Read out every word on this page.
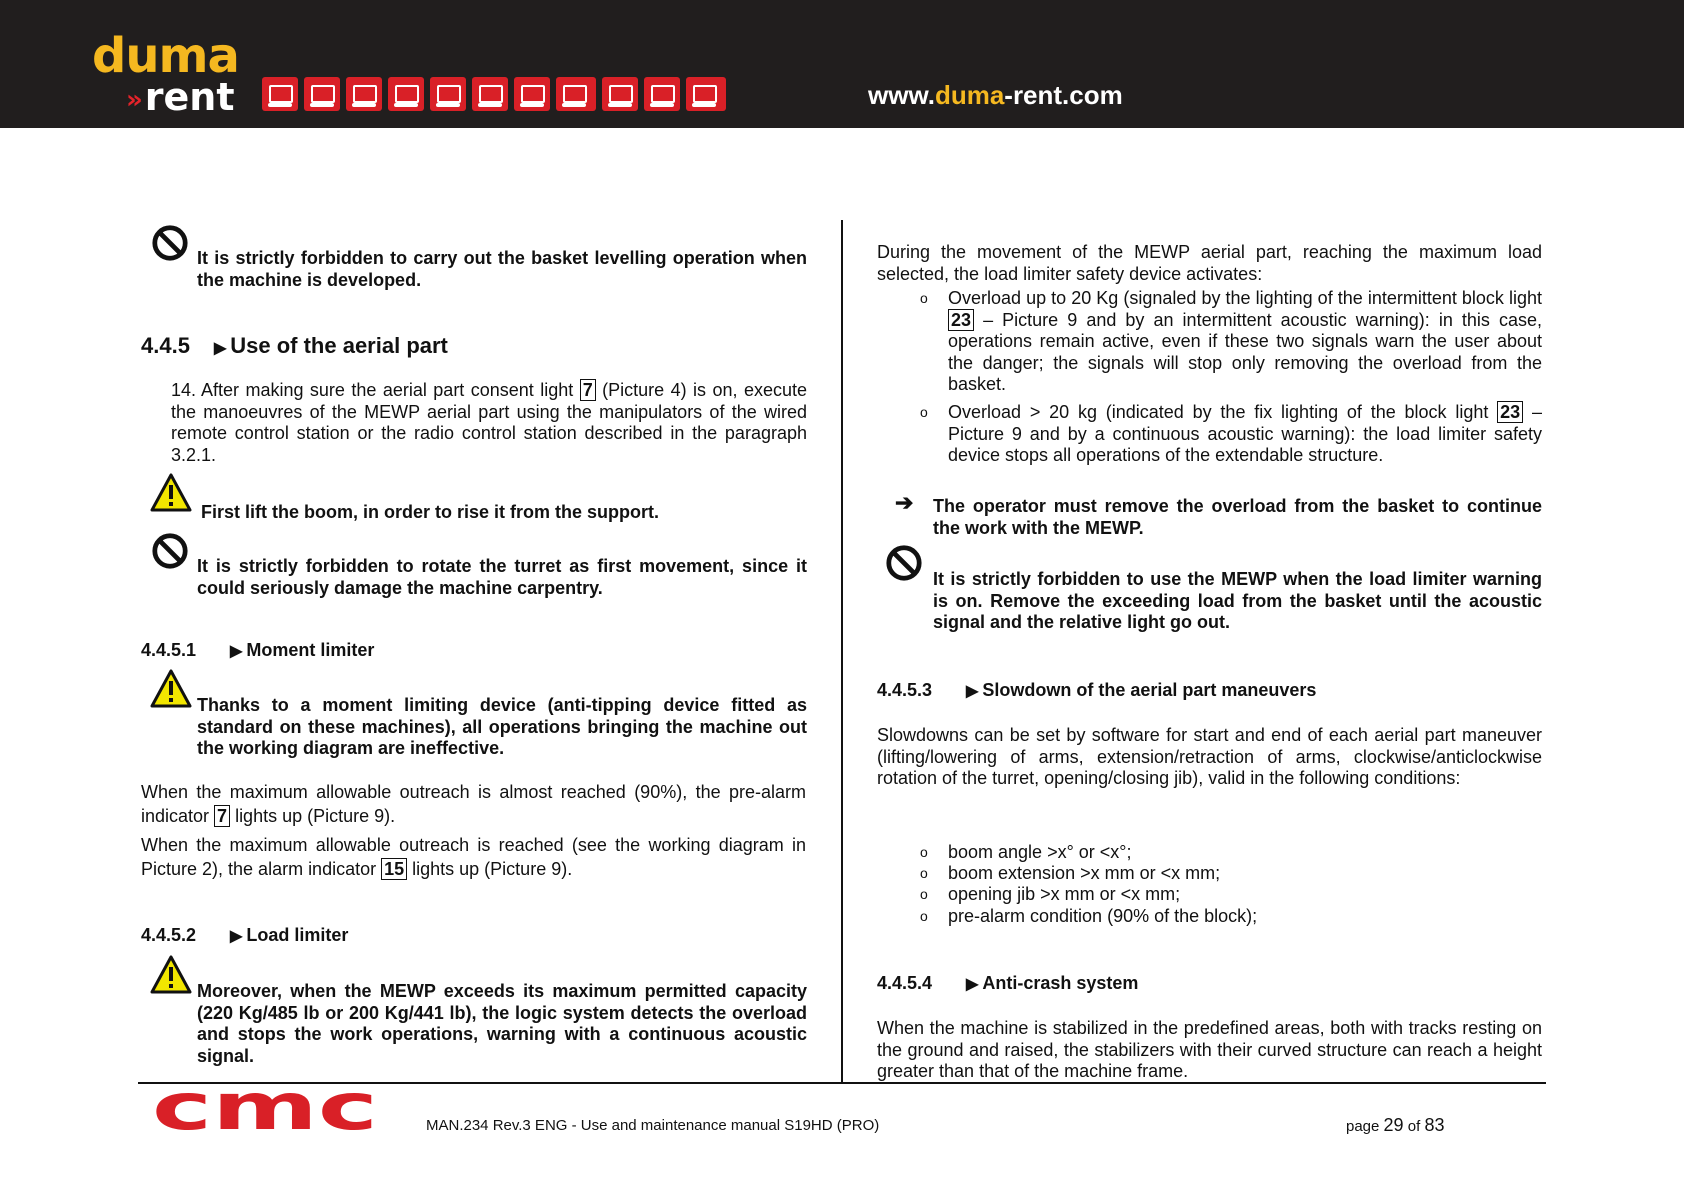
duma
»rent	www.duma-rent.com
It is strictly forbidden to carry out the basket levelling operation when the machine is developed.
4.4.5 ▶ Use of the aerial part
14. After making sure the aerial part consent light 7 (Picture 4) is on, execute the manoeuvres of the MEWP aerial part using the manipulators of the wired remote control station or the radio control station described in the paragraph 3.2.1.
First lift the boom, in order to rise it from the support.
It is strictly forbidden to rotate the turret as first movement, since it could seriously damage the machine carpentry.
4.4.5.1 ▶ Moment limiter
Thanks to a moment limiting device (anti-tipping device fitted as standard on these machines), all operations bringing the machine out the working diagram are ineffective.
When the maximum allowable outreach is almost reached (90%), the pre-alarm indicator 7 lights up (Picture 9).
When the maximum allowable outreach is reached (see the working diagram in Picture 2), the alarm indicator 15 lights up (Picture 9).
4.4.5.2 ▶ Load limiter
Moreover, when the MEWP exceeds its maximum permitted capacity (220 Kg/485 lb or 200 Kg/441 lb), the logic system detects the overload and stops the work operations, warning with a continuous acoustic signal.
During the movement of the MEWP aerial part, reaching the maximum load selected, the load limiter safety device activates:
o Overload up to 20 Kg (signaled by the lighting of the intermittent block light 23 – Picture 9 and by an intermittent acoustic warning): in this case, operations remain active, even if these two signals warn the user about the danger; the signals will stop only removing the overload from the basket.
o Overload > 20 kg (indicated by the fix lighting of the block light 23 – Picture 9 and by a continuous acoustic warning): the load limiter safety device stops all operations of the extendable structure.
➔ The operator must remove the overload from the basket to continue the work with the MEWP.
It is strictly forbidden to use the MEWP when the load limiter warning is on. Remove the exceeding load from the basket until the acoustic signal and the relative light go out.
4.4.5.3 ▶ Slowdown of the aerial part maneuvers
Slowdowns can be set by software for start and end of each aerial part maneuver (lifting/lowering of arms, extension/retraction of arms, clockwise/anticlockwise rotation of the turret, opening/closing jib), valid in the following conditions:
o boom angle >x° or <x°;
o boom extension >x mm or <x mm;
o opening jib >x mm or <x mm;
o pre-alarm condition (90% of the block);
4.4.5.4 ▶ Anti-crash system
When the machine is stabilized in the predefined areas, both with tracks resting on the ground and raised, the stabilizers with their curved structure can reach a height greater than that of the machine frame.
cmc	MAN.234 Rev.3 ENG - Use and maintenance manual S19HD (PRO)	page 29 of 83
